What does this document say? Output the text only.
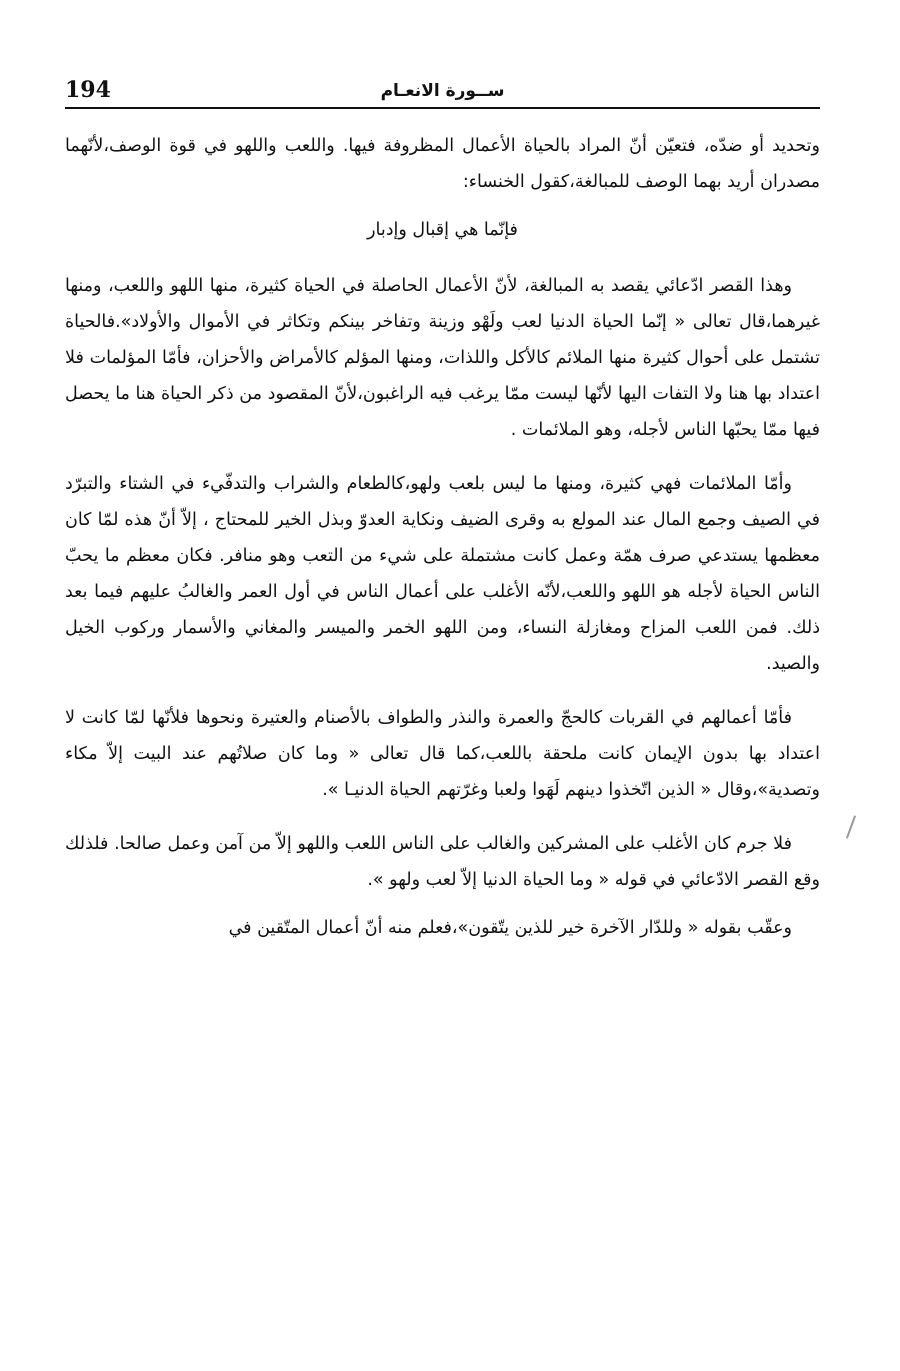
194	ســورة الانعـام

وتحديد أو ضدّه، فتعيّن أنّ المراد بالحياة الأعمال المظروفة فيها. واللعب واللهو في قوة الوصف،لأنّهما مصدران أريد بهما الوصف للمبالغة،كقول الخنساء:

فإنّما هي إقبال وإدبار

وهذا القصر ادّعائي يقصد به المبالغة، لأنّ الأعمال الحاصلة في الحياة كثيرة، منها اللهو واللعب، ومنها غيرهما،قال تعالى « إنّما الحياة الدنيا لعب ولَهْو وزينة وتفاخر بينكم وتكاثر في الأموال والأولاد».فالحياة تشتمل على أحوال كثيرة منها الملائم كالأكل واللذات، ومنها المؤلم كالأمراض والأحزان، فأمّا المؤلمات فلا اعتداد بها هنا ولا التفات اليها لأنّها ليست ممّا يرغب فيه الراغبون،لأنّ المقصود من ذكر الحياة هنا ما يحصل فيها ممّا يحبّها الناس لأجله، وهو الملائمات .

وأمّا الملائمات فهي كثيرة، ومنها ما ليس بلعب ولهو،كالطعام والشراب والتدفّيء في الشتاء والتبرّد في الصيف وجمع المال عند المولع به وقرى الضيف ونكاية العدوّ وبذل الخير للمحتاج ، إلاّ أنّ هذه لمّا كان معظمها يستدعي صرف همّة وعمل كانت مشتملة على شيء من التعب وهو منافر. فكان معظم ما يحبّ الناس الحياة لأجله هو اللهو واللعب،لأنّه الأغلب على أعمال الناس في أول العمر والغالبُ عليهم فيما بعد ذلك. فمن اللعب المزاح ومغازلة النساء، ومن اللهو الخمر والميسر والمغاني والأسمار وركوب الخيل والصيد.

فأمّا أعمالهم في القربات كالحجّ والعمرة والنذر والطواف بالأصنام والعتيرة ونحوها فلأنّها لمّا كانت لا اعتداد بها بدون الإيمان كانت ملحقة باللعب،كما قال تعالى « وما كان صلاتُهم عند البيت إلاّ مكاء وتصدية»،وقال « الذين اتّخذوا دينهم لَهَوا ولعبا وغرّتهم الحياة الدنيـا ».

فلا جرم كان الأغلب على المشركين والغالب على الناس اللعب واللهو إلاّ من آمن وعمل صالحا. فلذلك وقع القصر الادّعائي في قوله « وما الحياة الدنيا إلاّ لعب ولهو ».

وعقّب بقوله « وللدّار الآخرة خير للذين يتّقون»،فعلم منه أنّ أعمال المتّقين في
